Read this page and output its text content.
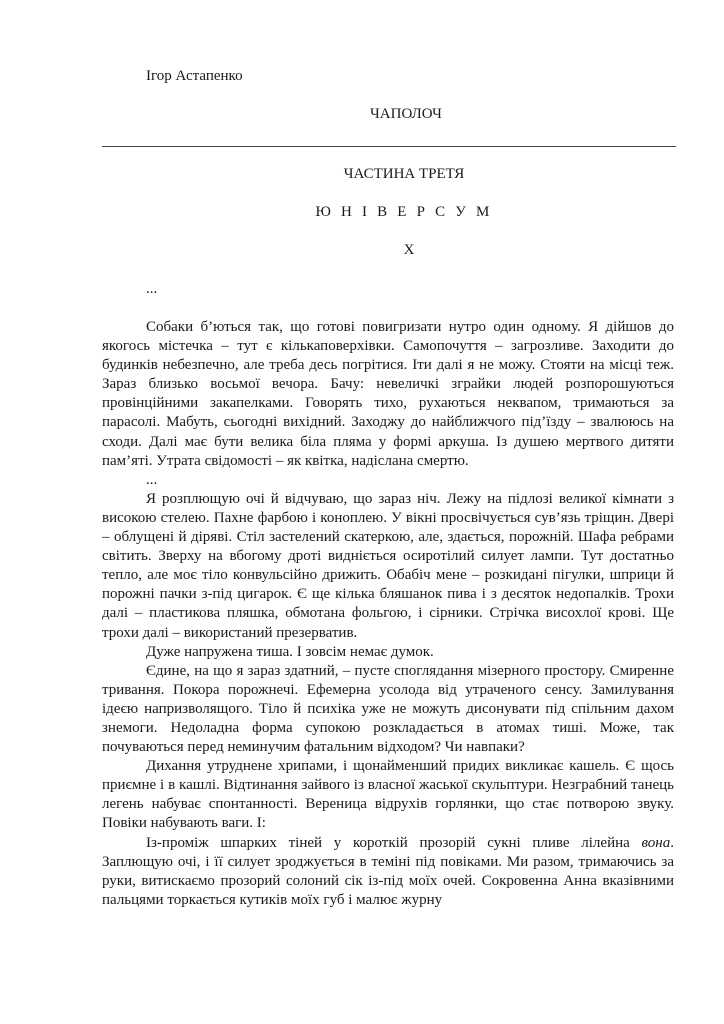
Ігор Астапенко
ЧАПОЛОЧ
ЧАСТИНА ТРЕТЯ
Ю Н І В Е Р С У М
X
...

Собаки б’ються так, що готові повигризати нутро один одному. Я дійшов до якогось містечка – тут є кількаповерхівки. Самопочуття – загрозливе. Заходити до будинків небезпечно, але треба десь погрітися. Іти далі я не можу. Стояти на місці теж. Зараз близько восьмої вечора. Бачу: невеличкі зграйки людей розпорошуються провінційними закапелками. Говорять тихо, рухаються неквапом, тримаються за парасолі. Мабуть, сьогодні вихідний. Заходжу до найближчого під’їзду – звалююсь на сходи. Далі має бути велика біла пляма у формі аркуша. Із душею мертвого дитяти пам’яті. Утрата свідомості – як квітка, надіслана смертю.

...

Я розплющую очі й відчуваю, що зараз ніч. Лежу на підлозі великої кімнати з високою стелею. Пахне фарбою і коноплею. У вікні просвічується сув’язь тріщин. Двері – облущені й діряві. Стіл застелений скатеркою, але, здається, порожній. Шафа ребрами світить. Зверху на вбогому дроті видніється осиротілий силует лампи. Тут достатньо тепло, але моє тіло конвульсійно дрижить. Обабіч мене – розкидані пігулки, шприци й порожні пачки з-під цигарок. Є ще кілька бляшанок пива і з десяток недопалків. Трохи далі – пластикова пляшка, обмотана фольгою, і сірники. Стрічка висохлої крові. Ще трохи далі – використаний презерватив.

Дуже напружена тиша. І зовсім немає думок.

Єдине, на що я зараз здатний, – пусте споглядання мізерного простору. Смиренне тривання. Покора порожнечі. Ефемерна усолода від утраченого сенсу. Замилування ідеєю напризволящого. Тіло й психіка уже не можуть дисонувати під спільним дахом знемоги. Недоладна форма супокою розкладається в атомах тиші. Може, так почуваються перед неминучим фатальним відходом? Чи навпаки?

Дихання утруднене хрипами, і щонайменший придих викликає кашель. Є щось приємне і в кашлі. Відтинання зайвого із власної жаської скульптури. Незграбний танець легень набуває спонтанності. Вереница відрухів горлянки, що стає потворою звуку. Повіки набувають ваги. І:

Із-проміж шпарких тіней у короткій прозорій сукні пливе лілейна вона. Заплющую очі, і її силует зроджується в теміні під повіками. Ми разом, тримаючись за руки, витискаємо прозорий солоний сік із-під моїх очей. Сокровенна Анна вказівними пальцями торкається кутиків моїх губ і малює журну
